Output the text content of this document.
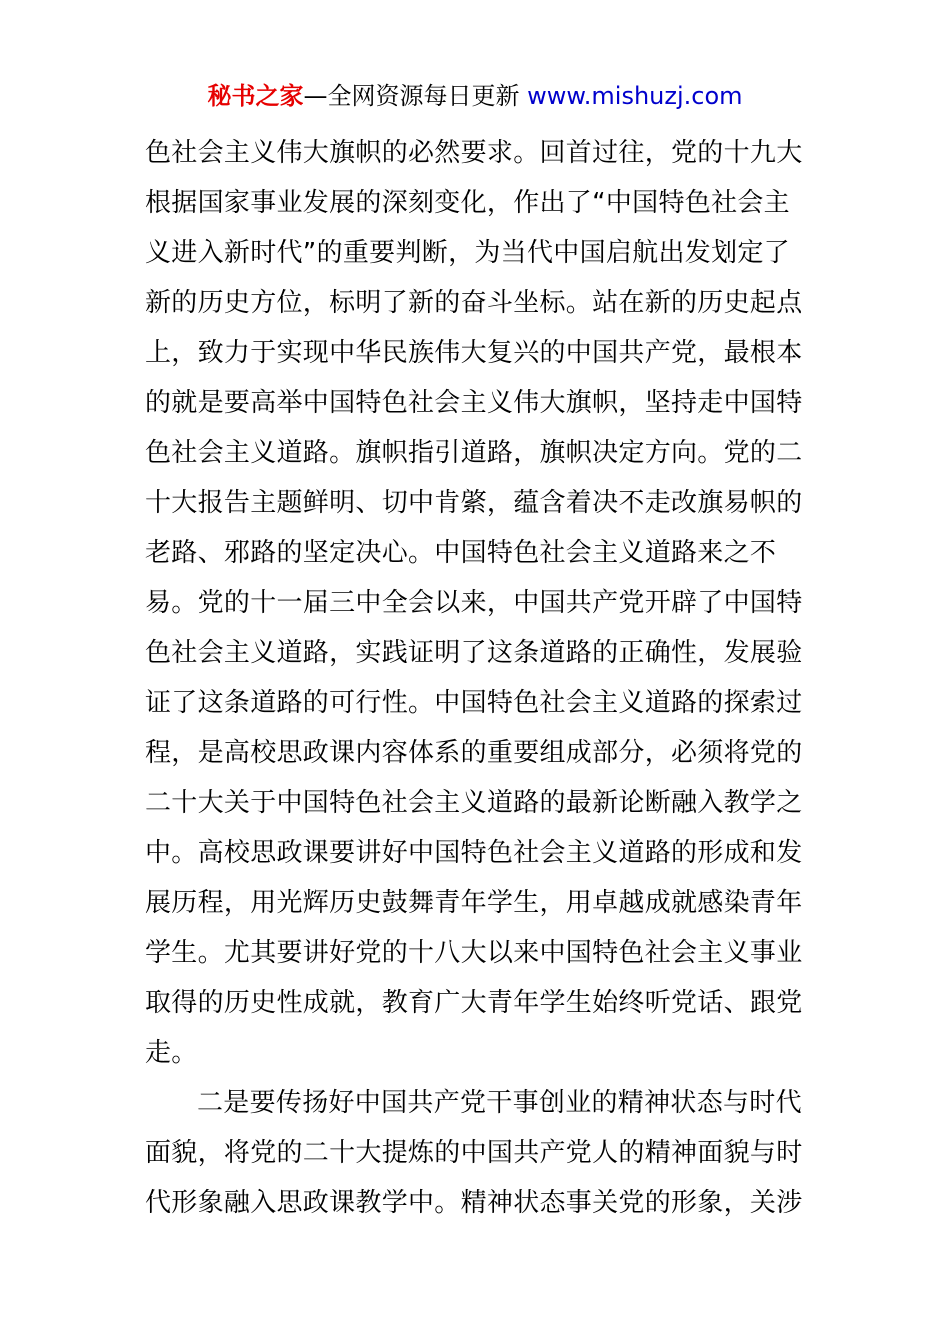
秘书之家—全网资源每日更新 www.mishuzj.com
色社会主义伟大旗帜的必然要求。回首过往，党的十九大
根据国家事业发展的深刻变化，作出了“中国特色社会主
义进入新时代”的重要判断，为当代中国启航出发划定了
新的历史方位，标明了新的奋斗坐标。站在新的历史起点
上，致力于实现中华民族伟大复兴的中国共产党，最根本
的就是要高举中国特色社会主义伟大旗帜，坚持走中国特
色社会主义道路。旗帜指引道路，旗帜决定方向。党的二
十大报告主题鲜明、切中肯綮，蕴含着决不走改旗易帜的
老路、邪路的坚定决心。中国特色社会主义道路来之不
易。党的十一届三中全会以来，中国共产党开辟了中国特
色社会主义道路，实践证明了这条道路的正确性，发展验
证了这条道路的可行性。中国特色社会主义道路的探索过
程，是高校思政课内容体系的重要组成部分，必须将党的
二十大关于中国特色社会主义道路的最新论断融入教学之
中。高校思政课要讲好中国特色社会主义道路的形成和发
展历程，用光辉历史鼓舞青年学生，用卓越成就感染青年
学生。尤其要讲好党的十八大以来中国特色社会主义事业
取得的历史性成就，教育广大青年学生始终听党话、跟党
走。
二是要传扬好中国共产党干事创业的精神状态与时代
面貌，将党的二十大提炼的中国共产党人的精神面貌与时
代形象融入思政课教学中。精神状态事关党的形象，关涉
